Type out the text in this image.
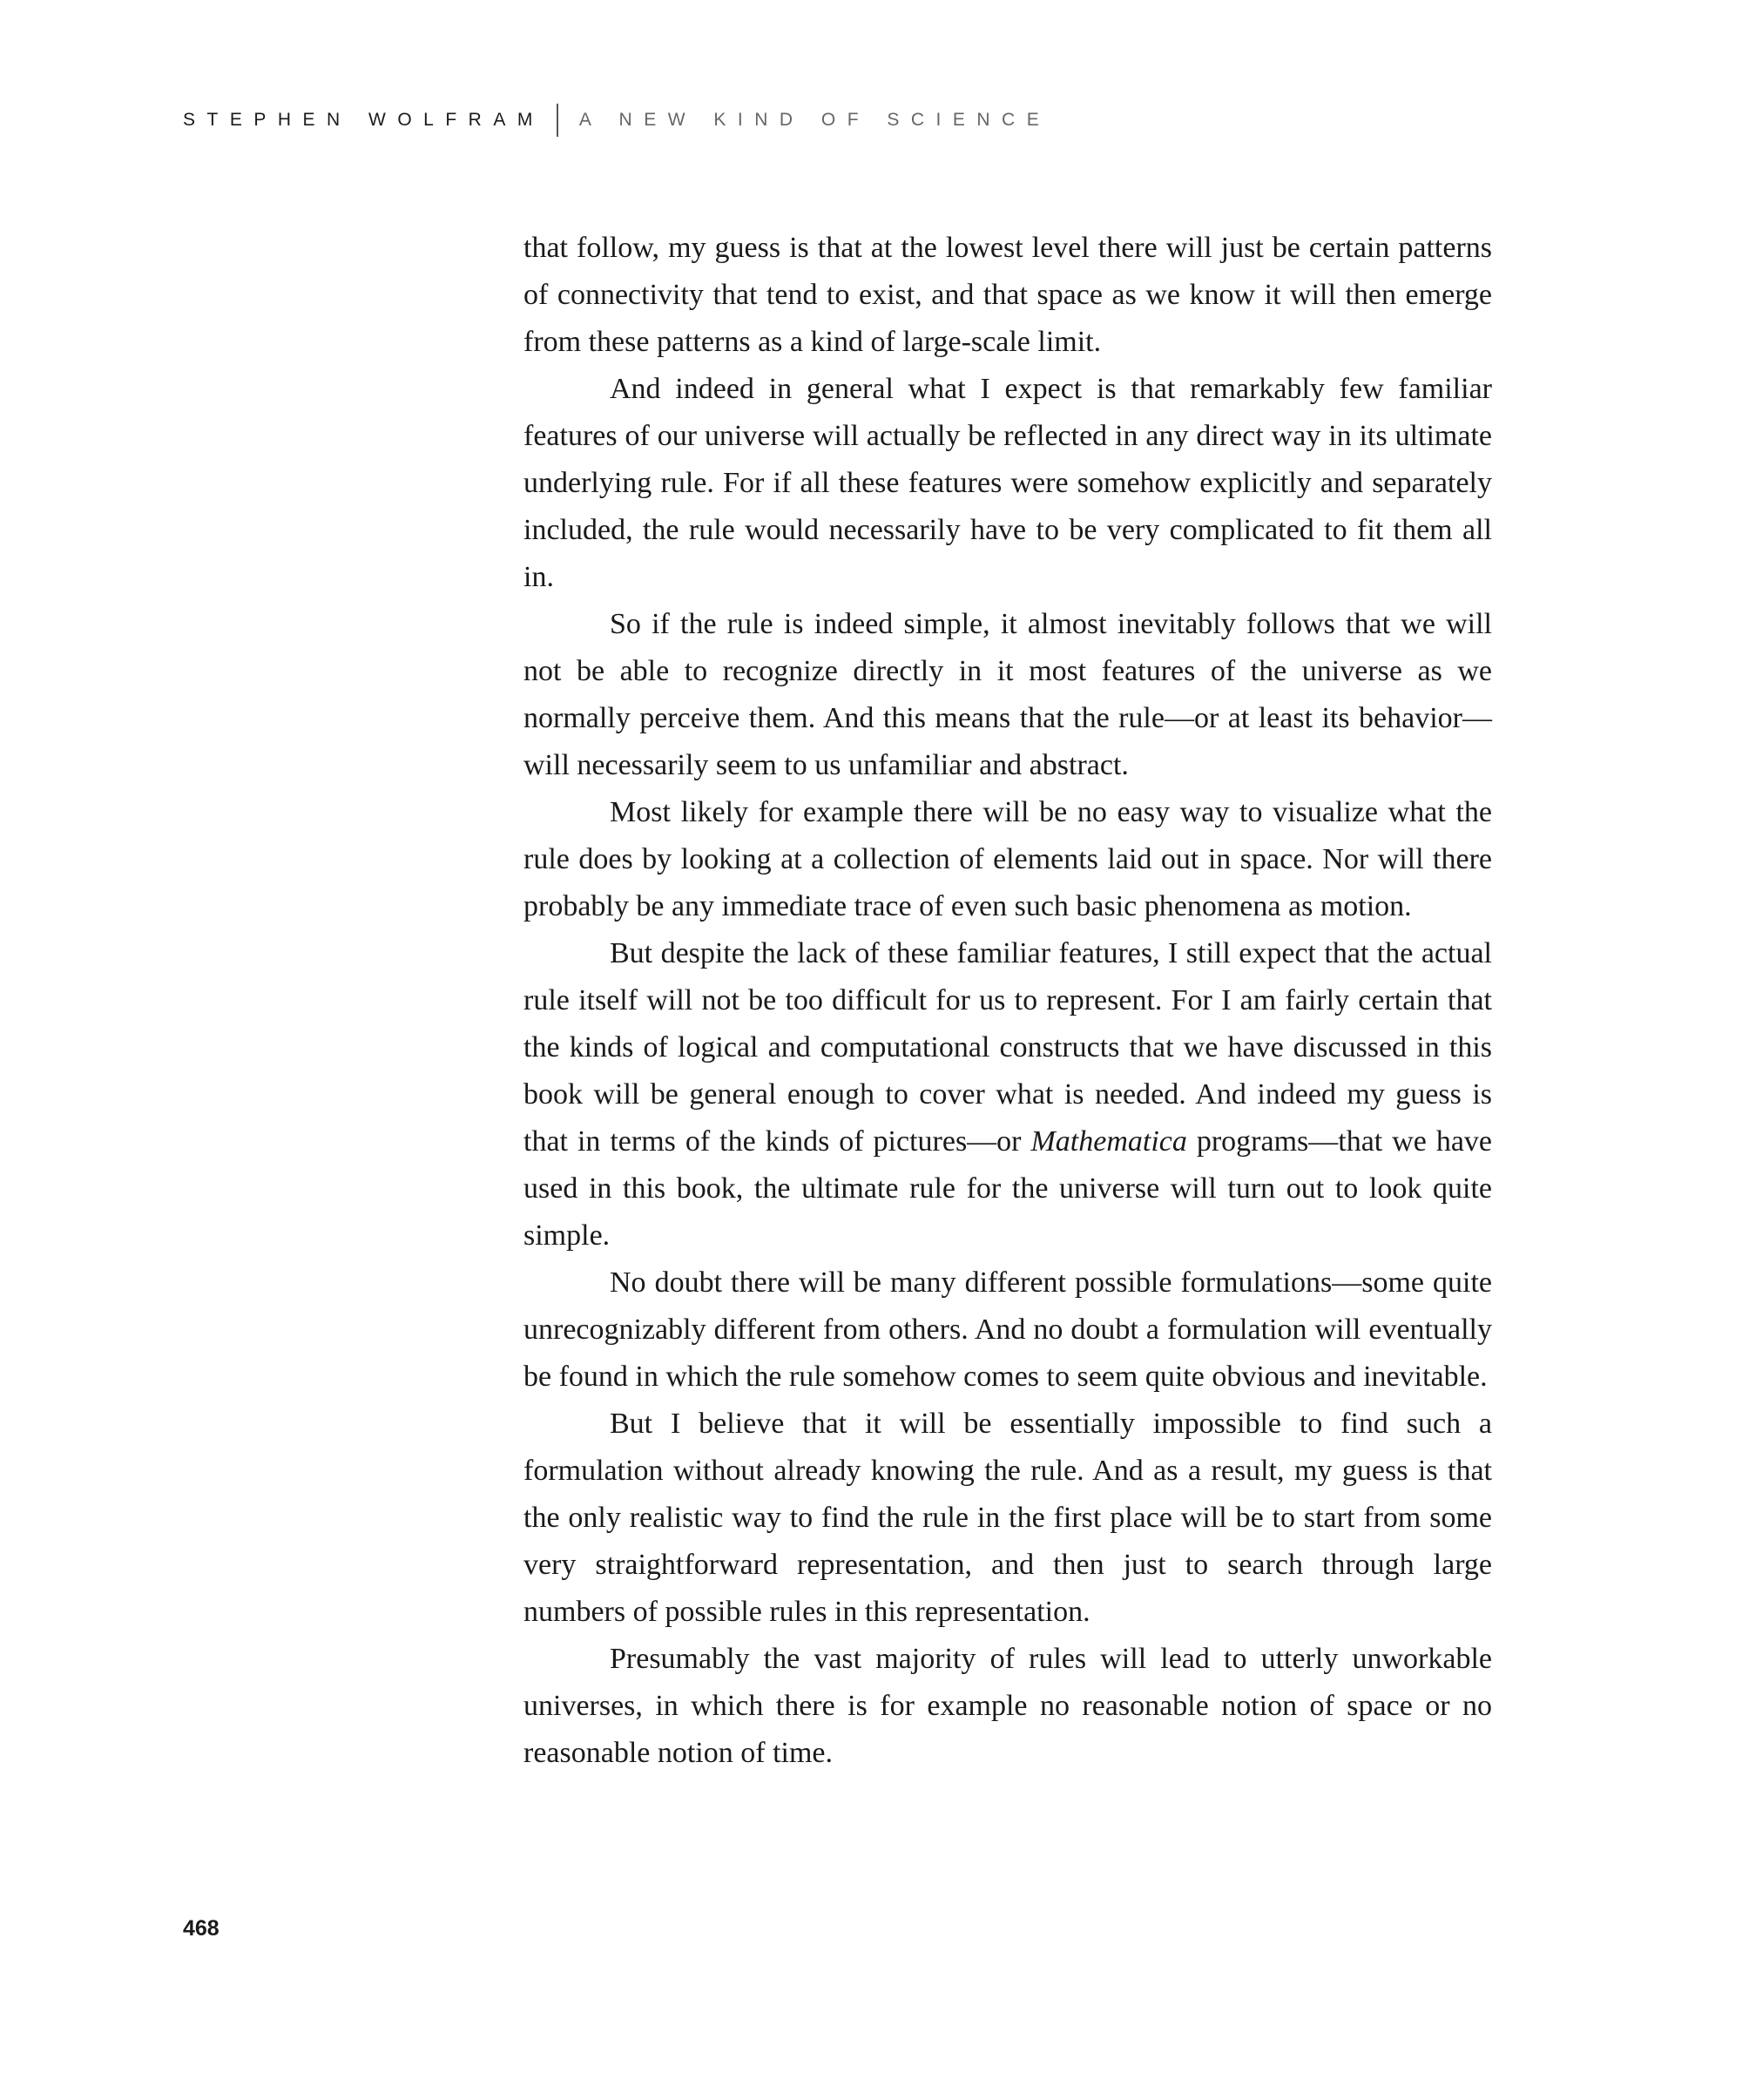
STEPHEN WOLFRAM A NEW KIND OF SCIENCE

that follow, my guess is that at the lowest level there will just be certain patterns of connectivity that tend to exist, and that space as we know it will then emerge from these patterns as a kind of large-scale limit.

And indeed in general what I expect is that remarkably few familiar features of our universe will actually be reflected in any direct way in its ultimate underlying rule. For if all these features were somehow explicitly and separately included, the rule would necessarily have to be very complicated to fit them all in.

So if the rule is indeed simple, it almost inevitably follows that we will not be able to recognize directly in it most features of the universe as we normally perceive them. And this means that the rule—or at least its behavior—will necessarily seem to us unfamiliar and abstract.

Most likely for example there will be no easy way to visualize what the rule does by looking at a collection of elements laid out in space. Nor will there probably be any immediate trace of even such basic phenomena as motion.

But despite the lack of these familiar features, I still expect that the actual rule itself will not be too difficult for us to represent. For I am fairly certain that the kinds of logical and computational constructs that we have discussed in this book will be general enough to cover what is needed. And indeed my guess is that in terms of the kinds of pictures—or Mathematica programs—that we have used in this book, the ultimate rule for the universe will turn out to look quite simple.

No doubt there will be many different possible formulations—some quite unrecognizably different from others. And no doubt a formulation will eventually be found in which the rule somehow comes to seem quite obvious and inevitable.

But I believe that it will be essentially impossible to find such a formulation without already knowing the rule. And as a result, my guess is that the only realistic way to find the rule in the first place will be to start from some very straightforward representation, and then just to search through large numbers of possible rules in this representation.

Presumably the vast majority of rules will lead to utterly unworkable universes, in which there is for example no reasonable notion of space or no reasonable notion of time.

468
